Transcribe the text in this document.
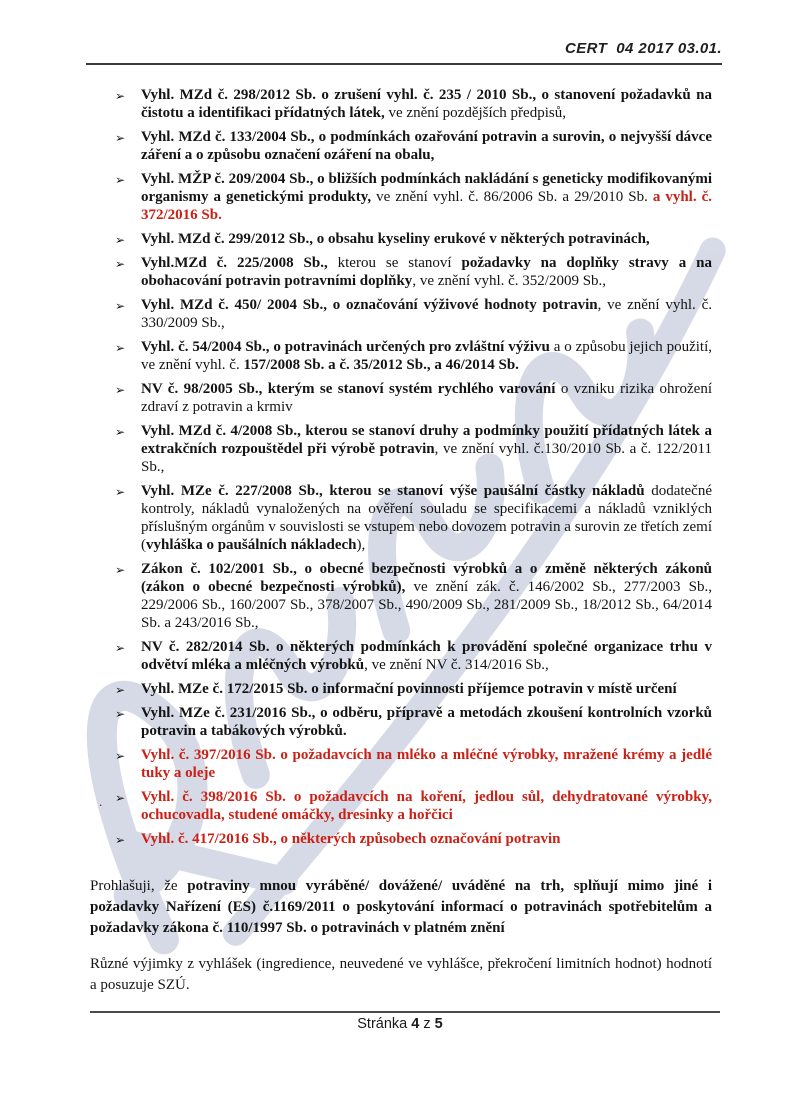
CERT  04 2017 03.01.
➢ Vyhl. MZd č. 298/2012 Sb. o zrušení vyhl. č. 235 / 2010 Sb., o stanovení požadavků na čistotu a identifikaci přídatných látek, ve znění pozdějších předpisů,
➢ Vyhl. MZd č. 133/2004 Sb., o podmínkách ozařování potravin a surovin, o nejvyšší dávce záření a o způsobu označení ozáření na obalu,
➢ Vyhl. MŽP č. 209/2004 Sb., o bližších podmínkách nakládání s geneticky modifikovanými organismy a genetickými produkty, ve znění vyhl. č. 86/2006 Sb. a 29/2010 Sb. a vyhl. č. 372/2016 Sb.
➢ Vyhl. MZd č. 299/2012 Sb., o obsahu kyseliny erukové v některých potravinách,
➢ Vyhl.MZd č. 225/2008 Sb., kterou se stanoví požadavky na doplňky stravy a na obohacování potravin potravními doplňky, ve znění vyhl. č. 352/2009 Sb.,
➢ Vyhl. MZd č. 450/ 2004 Sb., o označování výživové hodnoty potravin, ve znění vyhl. č. 330/2009 Sb.,
➢ Vyhl. č. 54/2004 Sb., o potravinách určených pro zvláštní výživu a o způsobu jejich použití, ve znění vyhl. č. 157/2008 Sb. a č. 35/2012 Sb., a 46/2014 Sb.
➢ NV č. 98/2005 Sb., kterým se stanoví systém rychlého varování o vzniku rizika ohrožení zdraví z potravin a krmiv
➢ Vyhl. MZd č. 4/2008 Sb., kterou se stanoví druhy a podmínky použití přídatných látek a extrakčních rozpouštědel při výrobě potravin, ve znění vyhl. č.130/2010 Sb. a č. 122/2011 Sb.,
➢ Vyhl. MZe č. 227/2008 Sb., kterou se stanoví výše paušální částky nákladů dodatečné kontroly, nákladů vynaložených na ověření souladu se specifikacemi a nákladů vzniklých příslušným orgánům v souvislosti se vstupem nebo dovozem potravin a surovin ze třetích zemí (vyhláška o paušálních nákladech),
➢ Zákon č. 102/2001 Sb., o obecné bezpečnosti výrobků a o změně některých zákonů (zákon o obecné bezpečnosti výrobků), ve znění zák. č. 146/2002 Sb., 277/2003 Sb., 229/2006 Sb., 160/2007 Sb., 378/2007 Sb., 490/2009 Sb., 281/2009 Sb., 18/2012 Sb., 64/2014 Sb. a 243/2016 Sb.,
➢ NV č. 282/2014 Sb. o některých podmínkách k provádění společné organizace trhu v odvětví mléka a mléčných výrobků, ve znění NV č. 314/2016 Sb.,
➢ Vyhl. MZe č. 172/2015 Sb. o informační povinnosti příjemce potravin v místě určení
➢ Vyhl. MZe č. 231/2016 Sb., o odběru, přípravě a metodách zkoušení kontrolních vzorků potravin a tabákových výrobků.
➢ Vyhl. č. 397/2016 Sb. o požadavcích na mléko a mléčné výrobky, mražené krémy a jedlé tuky a oleje
. ➢ Vyhl. č. 398/2016 Sb. o požadavcích na koření, jedlou sůl, dehydratované výrobky, ochucovadla, studené omáčky, dresinky a hořčici
➢ Vyhl. č. 417/2016 Sb., o některých způsobech označování potravin

Prohlašuji, že potraviny mnou vyráběné/ dovážené/ uváděné na trh, splňují mimo jiné i požadavky Nařízení (ES) č.1169/2011 o poskytování informací o potravinách spotřebitelům a požadavky zákona č. 110/1997 Sb. o potravinách v platném znění

Různé výjimky z vyhlášek (ingredience, neuvedené ve vyhlášce, překročení limitních hodnot) hodnotí a posuzuje SZÚ.

Stránka 4 z 5
